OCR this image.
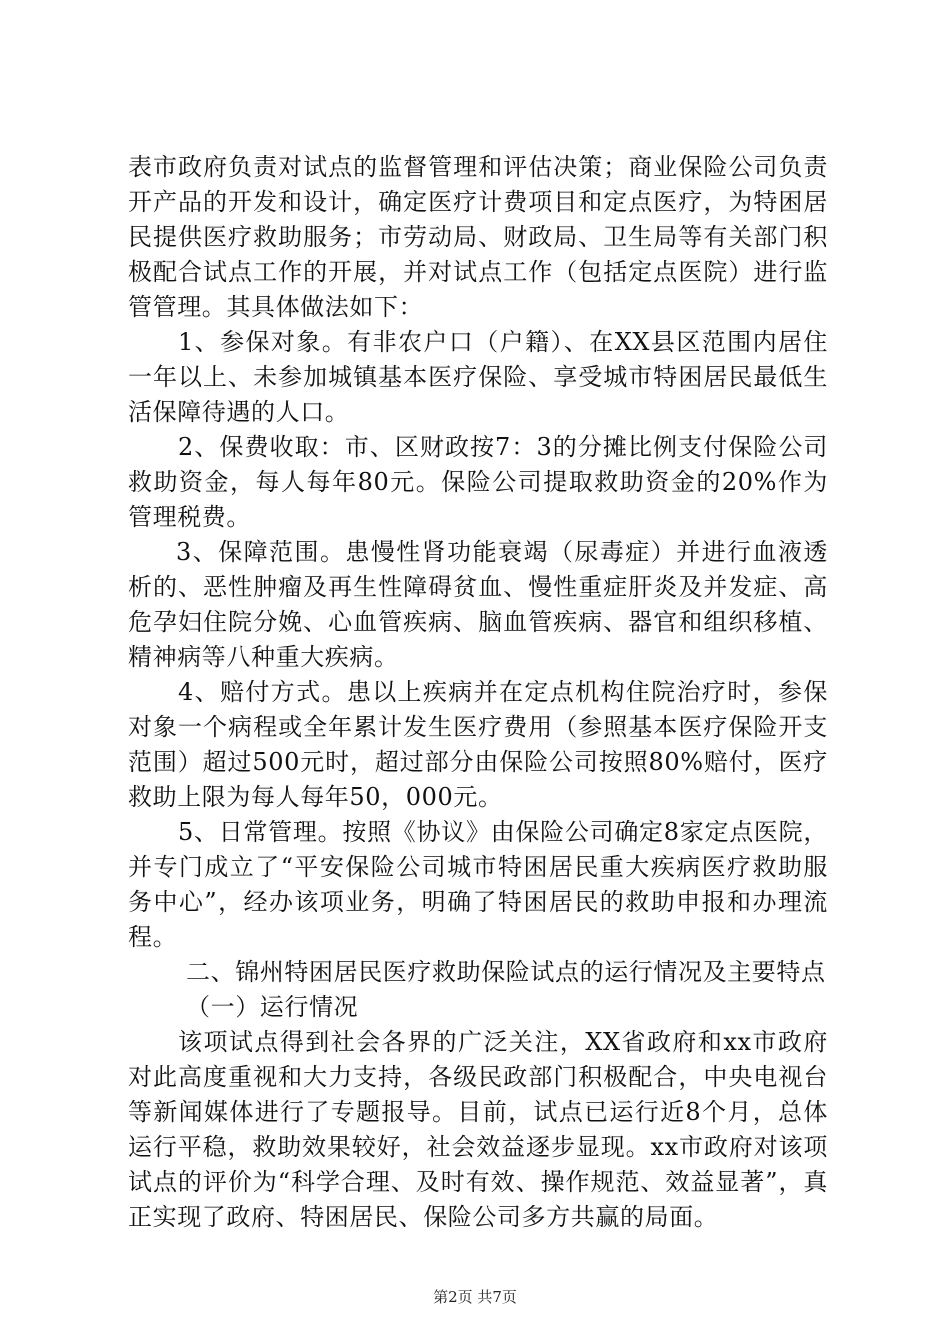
表市政府负责对试点的监督管理和评估决策；商业保险公司负责开产品的开发和设计，确定医疗计费项目和定点医疗，为特困居民提供医疗救助服务；市劳动局、财政局、卫生局等有关部门积极配合试点工作的开展，并对试点工作（包括定点医院）进行监管管理。其具体做法如下：

1、参保对象。有非农户口（户籍）、在XX县区范围内居住一年以上、未参加城镇基本医疗保险、享受城市特困居民最低生活保障待遇的人口。

2、保费收取：市、区财政按7：3的分摊比例支付保险公司救助资金，每人每年80元。保险公司提取救助资金的20%作为管理税费。

3、保障范围。患慢性肾功能衰竭（尿毒症）并进行血液透析的、恶性肿瘤及再生性障碍贫血、慢性重症肝炎及并发症、高危孕妇住院分娩、心血管疾病、脑血管疾病、器官和组织移植、精神病等八种重大疾病。

4、赔付方式。患以上疾病并在定点机构住院治疗时，参保对象一个病程或全年累计发生医疗费用（参照基本医疗保险开支范围）超过500元时，超过部分由保险公司按照80%赔付，医疗救助上限为每人每年50，000元。

5、日常管理。按照《协议》由保险公司确定8家定点医院，并专门成立了“平安保险公司城市特困居民重大疾病医疗救助服务中心”，经办该项业务，明确了特困居民的救助申报和办理流程。

二、锦州特困居民医疗救助保险试点的运行情况及主要特点

（一）运行情况

该项试点得到社会各界的广泛关注，XX省政府和xx市政府对此高度重视和大力支持，各级民政部门积极配合，中央电视台等新闻媒体进行了专题报导。目前，试点已运行近8个月，总体运行平稳，救助效果较好，社会效益逐步显现。xx市政府对该项试点的评价为“科学合理、及时有效、操作规范、效益显著”，真正实现了政府、特困居民、保险公司多方共赢的局面。

第2页 共7页
